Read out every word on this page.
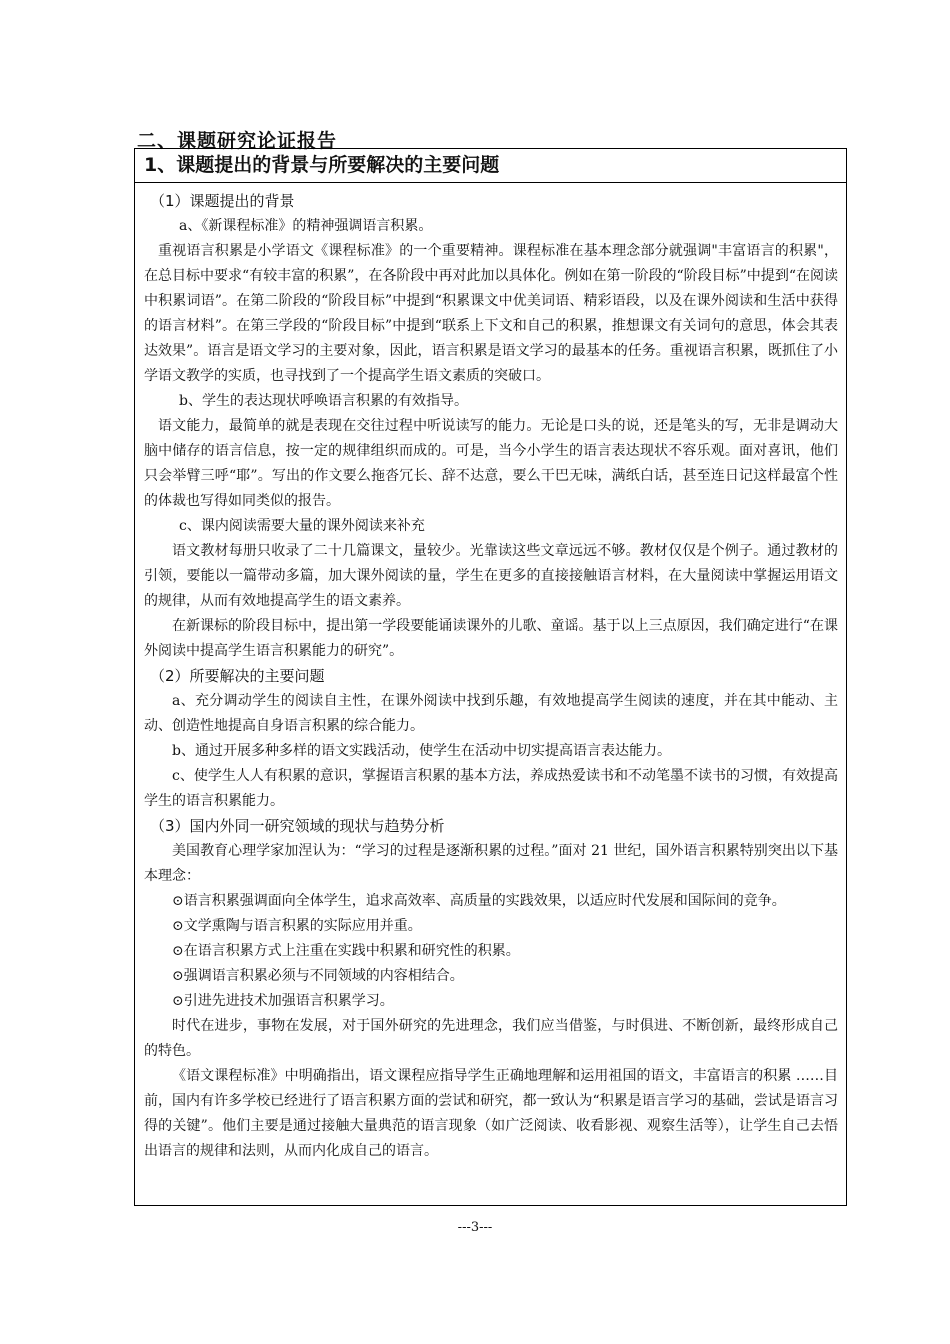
二、课题研究论证报告
1、课题提出的背景与所要解决的主要问题

（1）课题提出的背景

a、《新课程标准》的精神强调语言积累。

重视语言积累是小学语文《课程标准》的一个重要精神。课程标准在基本理念部分就强调"丰富语言的积累"，在总目标中要求“有较丰富的积累”，在各阶段中再对此加以具体化。例如在第一阶段的“阶段目标”中提到“在阅读中积累词语”。在第二阶段的“阶段目标”中提到“积累课文中优美词语、精彩语段，以及在课外阅读和生活中获得的语言材料”。在第三学段的“阶段目标”中提到“联系上下文和自己的积累，推想课文有关词句的意思，体会其表达效果”。语言是语文学习的主要对象，因此，语言积累是语文学习的最基本的任务。重视语言积累，既抓住了小学语文教学的实质，也寻找到了一个提高学生语文素质的突破口。

b、学生的表达现状呼唤语言积累的有效指导。

语文能力，最简单的就是表现在交往过程中听说读写的能力。无论是口头的说，还是笔头的写，无非是调动大脑中储存的语言信息，按一定的规律组织而成的。可是，当今小学生的语言表达现状不容乐观。面对喜讯，他们只会举臂三呼“耶”。写出的作文要么拖沓冗长、辞不达意，要么干巴无味，满纸白话，甚至连日记这样最富个性的体裁也写得如同类似的报告。

c、课内阅读需要大量的课外阅读来补充

语文教材每册只收录了二十几篇课文，量较少。光靠读这些文章远远不够。教材仅仅是个例子。通过教材的引领，要能以一篇带动多篇，加大课外阅读的量，学生在更多的直接接触语言材料，在大量阅读中掌握运用语文的规律，从而有效地提高学生的语文素养。

在新课标的阶段目标中，提出第一学段要能诵读课外的儿歌、童谣。基于以上三点原因，我们确定进行“在课外阅读中提高学生语言积累能力的研究”。

（2）所要解决的主要问题

a、充分调动学生的阅读自主性，在课外阅读中找到乐趣，有效地提高学生阅读的速度，并在其中能动、主动、创造性地提高自身语言积累的综合能力。

b、通过开展多种多样的语文实践活动，使学生在活动中切实提高语言表达能力。

c、使学生人人有积累的意识，掌握语言积累的基本方法，养成热爱读书和不动笔墨不读书的习惯，有效提高学生的语言积累能力。

（3）国内外同一研究领域的现状与趋势分析

美国教育心理学家加涅认为：“学习的过程是逐渐积累的过程。”面对 21 世纪，国外语言积累特别突出以下基本理念：

⊙语言积累强调面向全体学生，追求高效率、高质量的实践效果，以适应时代发展和国际间的竞争。

⊙文学熏陶与语言积累的实际应用并重。

⊙在语言积累方式上注重在实践中积累和研究性的积累。

⊙强调语言积累必须与不同领域的内容相结合。

⊙引进先进技术加强语言积累学习。

时代在进步，事物在发展，对于国外研究的先进理念，我们应当借鉴，与时俱进、不断创新，最终形成自己的特色。

《语文课程标准》中明确指出，语文课程应指导学生正确地理解和运用祖国的语文，丰富语言的积累 ……目前，国内有许多学校已经进行了语言积累方面的尝试和研究，都一致认为“积累是语言学习的基础，尝试是语言习得的关键”。他们主要是通过接触大量典范的语言现象（如广泛阅读、收看影视、观察生活等），让学生自己去悟出语言的规律和法则，从而内化成自己的语言。

---3---
